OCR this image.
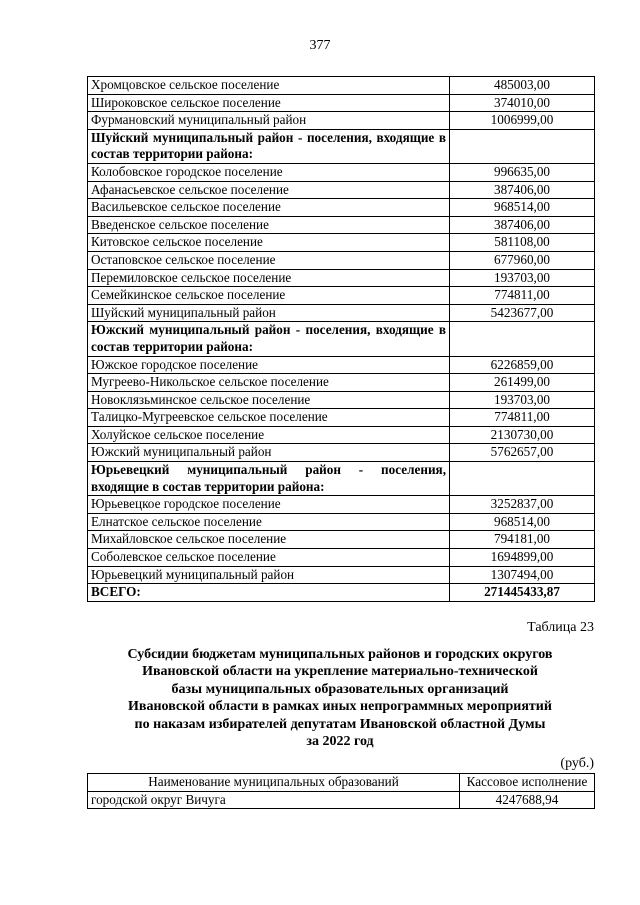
377
Хромцовское сельское поселение	485003,00
Широковское сельское поселение	374010,00
Фурмановский муниципальный район	1006999,00
Шуйский муниципальный район - поселения, входящие в состав территории района:	
Колобовское городское поселение	996635,00
Афанасьевское сельское поселение	387406,00
Васильевское сельское поселение	968514,00
Введенское сельское поселение	387406,00
Китовское сельское поселение	581108,00
Остаповское сельское поселение	677960,00
Перемиловское сельское поселение	193703,00
Семейкинское сельское поселение	774811,00
Шуйский муниципальный район	5423677,00
Южский муниципальный район - поселения, входящие в состав территории района:	
Южское городское поселение	6226859,00
Мугреево-Никольское сельское поселение	261499,00
Новоклязьминское сельское поселение	193703,00
Талицко-Мугреевское сельское поселение	774811,00
Холуйское сельское поселение	2130730,00
Южский муниципальный район	5762657,00
Юрьевецкий муниципальный район - поселения, входящие в состав территории района:	
Юрьевецкое городское поселение	3252837,00
Елнатское сельское поселение	968514,00
Михайловское сельское поселение	794181,00
Соболевское сельское поселение	1694899,00
Юрьевецкий муниципальный район	1307494,00
ВСЕГО:	271445433,87
Таблица 23
Субсидии бюджетам муниципальных районов и городских округов
Ивановской области на укрепление материально-технической
базы муниципальных образовательных организаций
Ивановской области в рамках иных непрограммных мероприятий
по наказам избирателей депутатам Ивановской областной Думы
за 2022 год
(руб.)
Наименование муниципальных образований	Кассовое исполнение
городской округ Вичуга	4247688,94
